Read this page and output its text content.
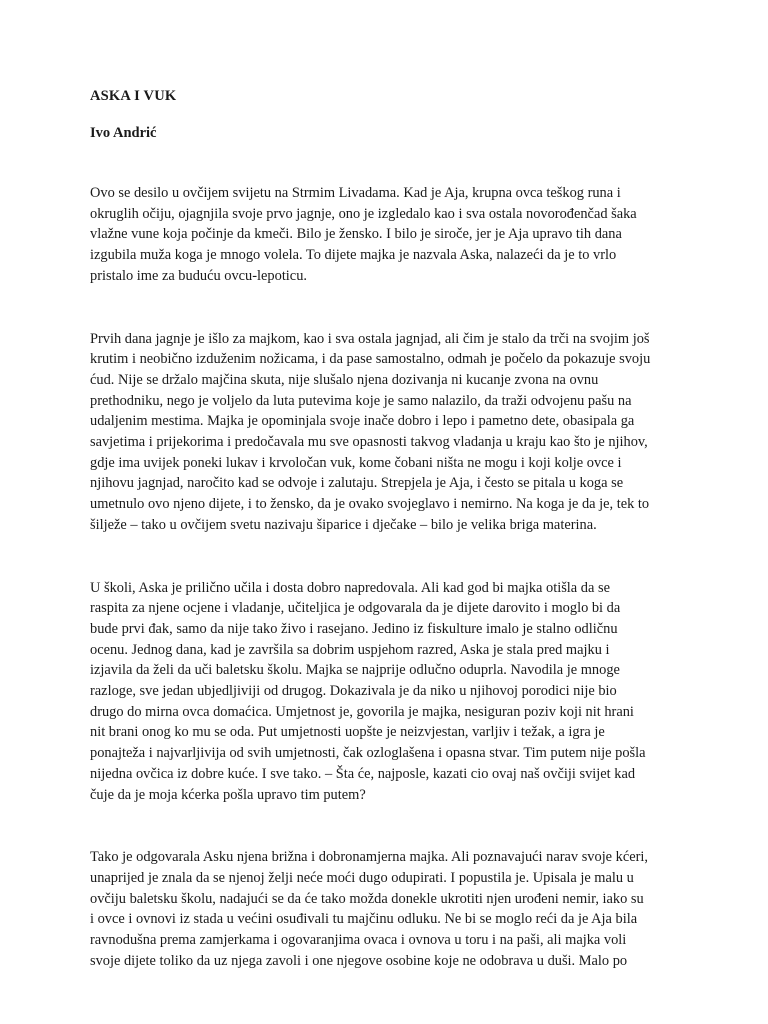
ASKA I VUK
Ivo Andrić
Ovo se desilo u ovčijem svijetu na Strmim Livadama. Kad je Aja, krupna ovca teškog runa i
okruglih očiju, ojagnjila svoje prvo jagnje, ono je izgledalo kao i sva ostala novorođenčad šaka
vlažne vune koja počinje da kmeči. Bilo je žensko. I bilo je siroče, jer je Aja upravo tih dana
izgubila muža koga je mnogo volela. To dijete majka je nazvala Aska, nalazeći da je to vrlo
pristalo ime za buduću ovcu-lepoticu.
Prvih dana jagnje je išlo za majkom, kao i sva ostala jagnjad, ali čim je stalo da trči na svojim još
krutim i neobično izduženim nožicama, i da pase samostalno, odmah je počelo da pokazuje svoju
ćud. Nije se držalo majčina skuta, nije slušalo njena dozivanja ni kucanje zvona na ovnu
prethodniku, nego je voljelo da luta putevima koje je samo nalazilo, da traži odvojenu pašu na
udaljenim mestima. Majka je opominjala svoje inače dobro i lepo i pametno dete, obasipala ga
savjetima i prijekorima i predočavala mu sve opasnosti takvog vladanja u kraju kao što je njihov,
gdje ima uvijek poneki lukav i krvoločan vuk, kome čobani ništa ne mogu i koji kolje ovce i
njihovu jagnjad, naročito kad se odvoje i zalutaju. Strepjela je Aja, i često se pitala u koga se
umetnulo ovo njeno dijete, i to žensko, da je ovako svojeglavo i nemirno. Na koga je da je, tek to
šilježe – tako u ovčijem svetu nazivaju šiparice i dječake – bilo je velika briga materina.
U školi, Aska je prilično učila i dosta dobro napredovala. Ali kad god bi majka otišla da se
raspita za njene ocjene i vladanje, učiteljica je odgovarala da je dijete darovito i moglo bi da
bude prvi đak, samo da nije tako živo i rasejano. Jedino iz fiskulture imalo je stalno odličnu
ocenu. Jednog dana, kad je završila sa dobrim uspjehom razred, Aska je stala pred majku i
izjavila da želi da uči baletsku školu. Majka se najprije odlučno oduprla. Navodila je mnoge
razloge, sve jedan ubjedljiviji od drugog. Dokazivala je da niko u njihovoj porodici nije bio
drugo do mirna ovca domaćica. Umjetnost je, govorila je majka, nesiguran poziv koji nit hrani
nit brani onog ko mu se oda. Put umjetnosti uopšte je neizvjestan, varljiv i težak, a igra je
ponajteža i najvarljivija od svih umjetnosti, čak ozloglašena i opasna stvar. Tim putem nije pošla
nijedna ovčica iz dobre kuće. I sve tako. – Šta će, najposle, kazati cio ovaj naš ovčiji svijet kad
čuje da je moja kćerka pošla upravo tim putem?
Tako je odgovarala Asku njena brižna i dobronamjerna majka. Ali poznavajući narav svoje kćeri,
unaprijed je znala da se njenoj želji neće moći dugo odupirati. I popustila je. Upisala je malu u
ovčiju baletsku školu, nadajući se da će tako možda donekle ukrotiti njen urođeni nemir, iako su
i ovce i ovnovi iz stada u većini osuđivali tu majčinu odluku. Ne bi se moglo reći da je Aja bila
ravnodušna prema zamjerkama i ogovaranjima ovaca i ovnova u toru i na paši, ali majka voli
svoje dijete toliko da uz njega zavoli i one njegove osobine koje ne odobrava u duši. Malo po
